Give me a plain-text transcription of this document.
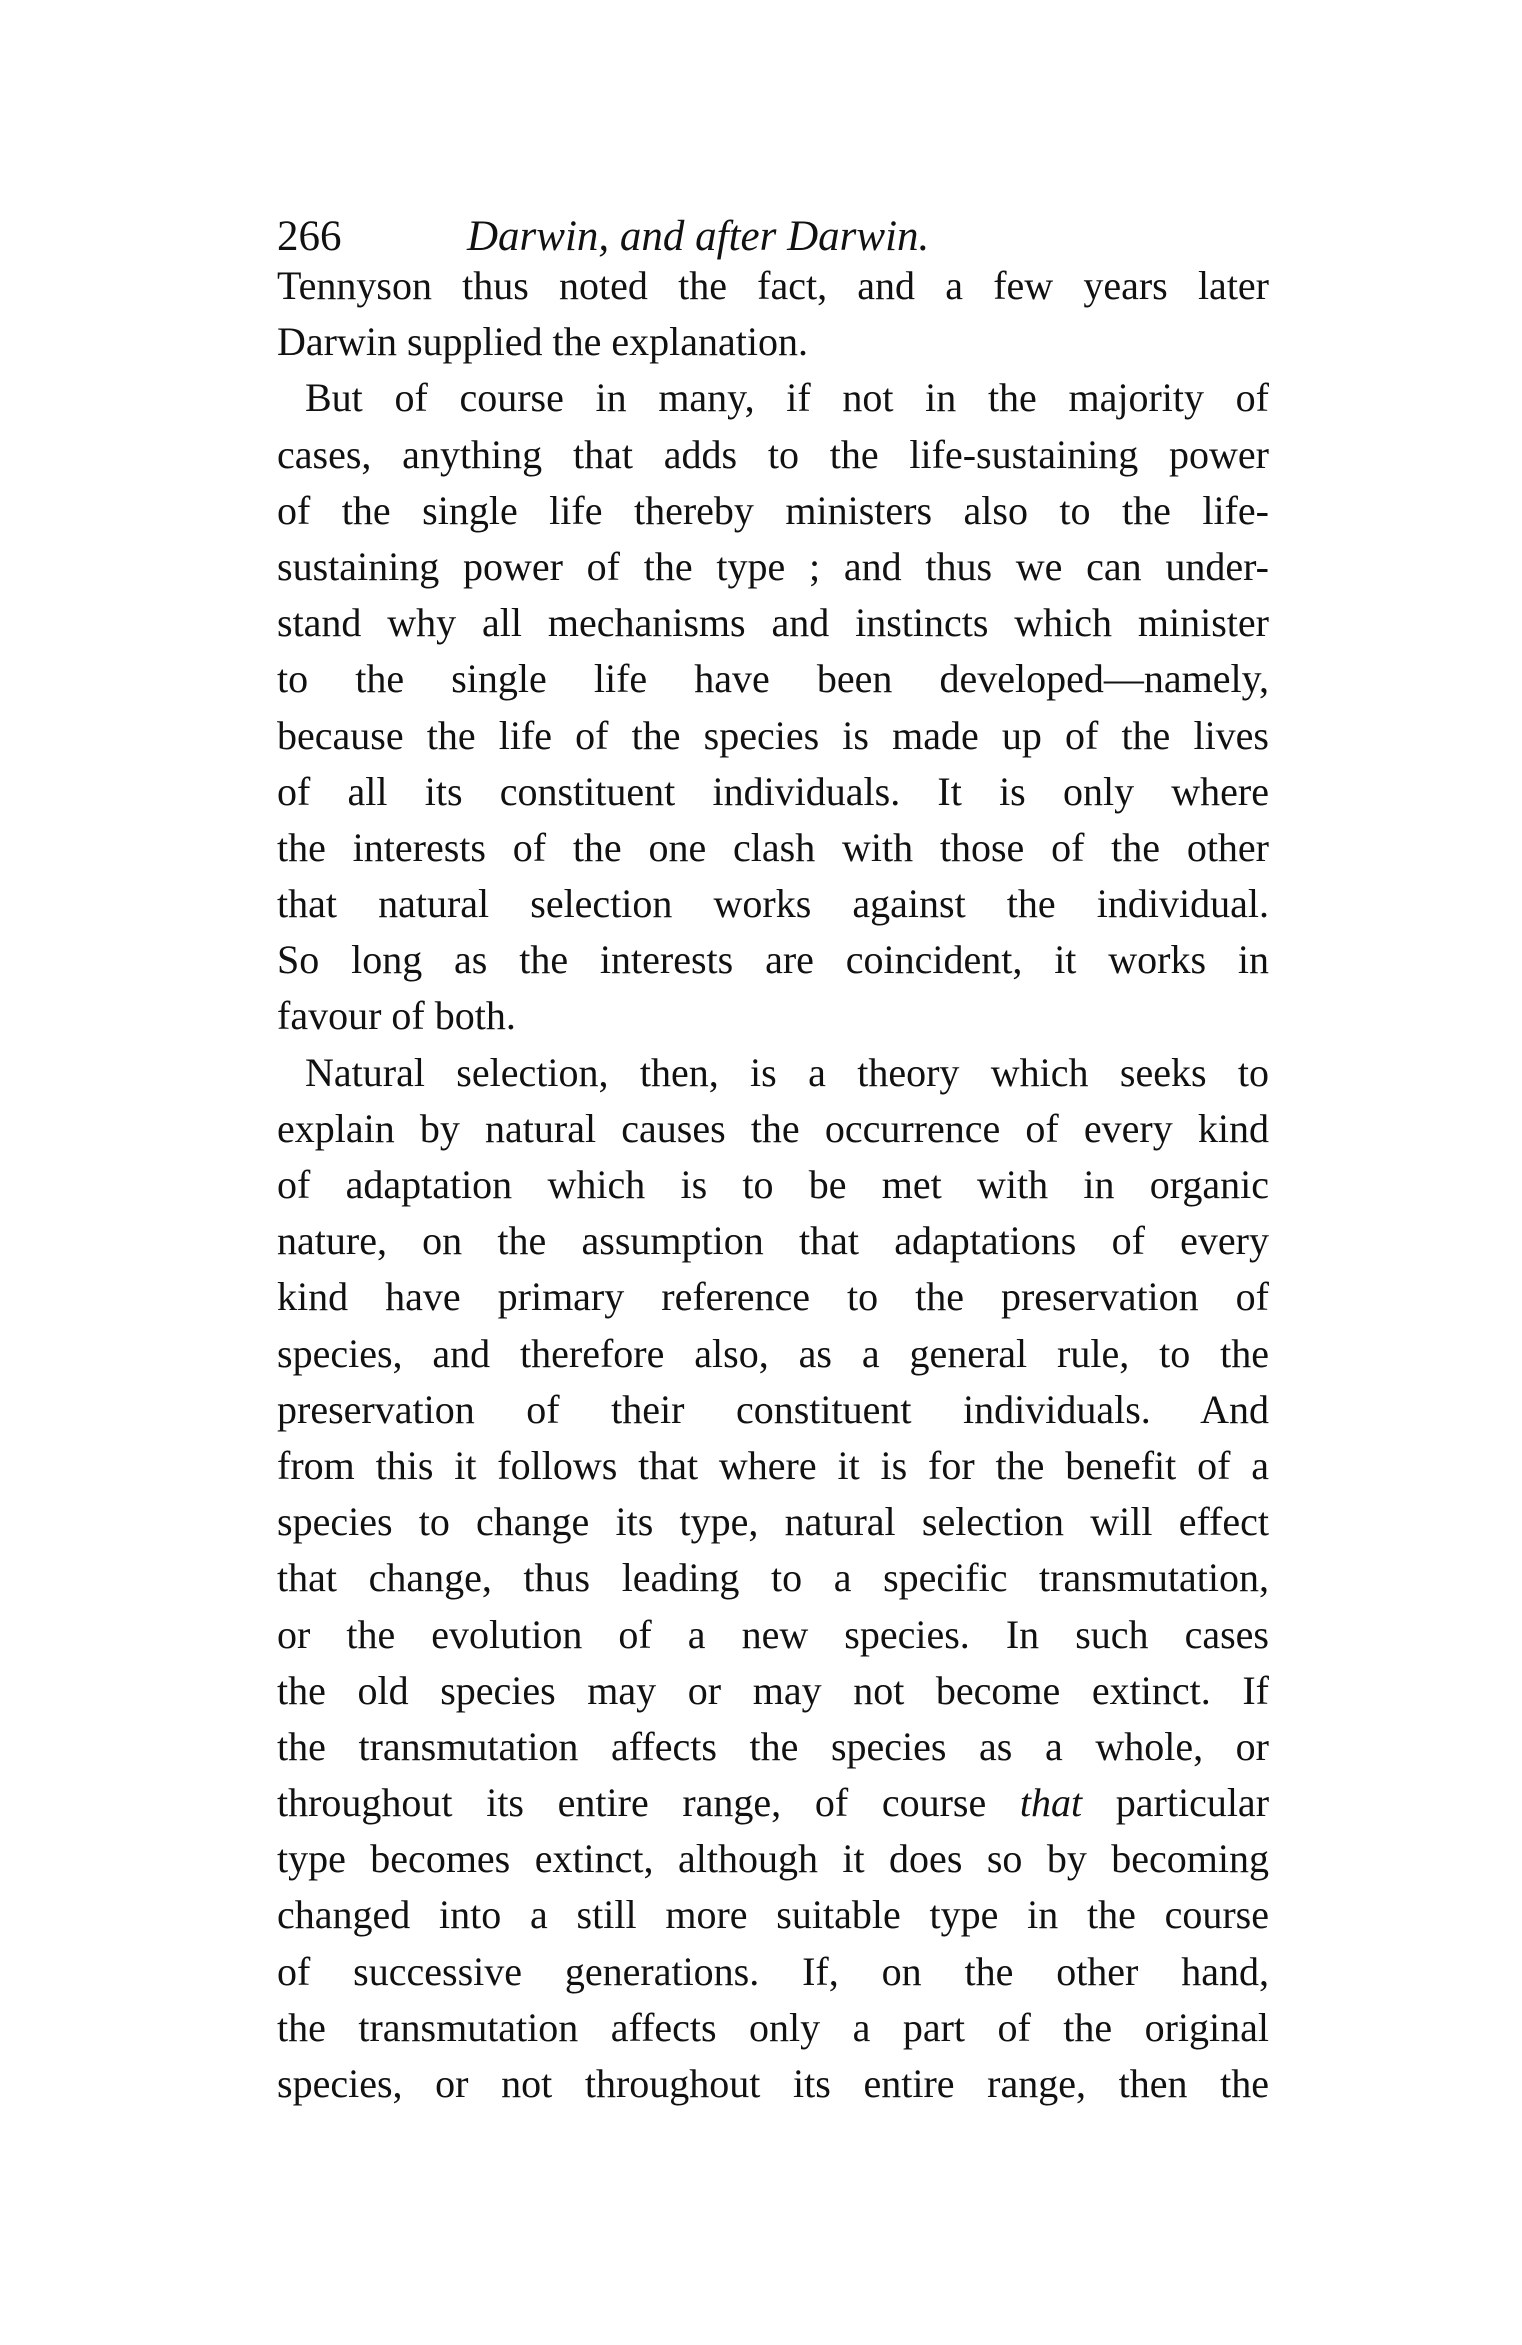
266	Darwin, and after Darwin.
Tennyson thus noted the fact, and a few years later
Darwin supplied the explanation.
But of course in many, if not in the majority of
cases, anything that adds to the life-sustaining power
of the single life thereby ministers also to the life-
sustaining power of the type ; and thus we can under-
stand why all mechanisms and instincts which minister
to the single life have been developed—namely,
because the life of the species is made up of the lives
of all its constituent individuals. It is only where
the interests of the one clash with those of the other
that natural selection works against the individual.
So long as the interests are coincident, it works in
favour of both.
Natural selection, then, is a theory which seeks to
explain by natural causes the occurrence of every kind
of adaptation which is to be met with in organic
nature, on the assumption that adaptations of every
kind have primary reference to the preservation of
species, and therefore also, as a general rule, to the
preservation of their constituent individuals. And
from this it follows that where it is for the benefit of a
species to change its type, natural selection will effect
that change, thus leading to a specific transmutation,
or the evolution of a new species. In such cases
the old species may or may not become extinct. If
the transmutation affects the species as a whole, or
throughout its entire range, of course that particular
type becomes extinct, although it does so by becoming
changed into a still more suitable type in the course
of successive generations. If, on the other hand,
the transmutation affects only a part of the original
species, or not throughout its entire range, then the
